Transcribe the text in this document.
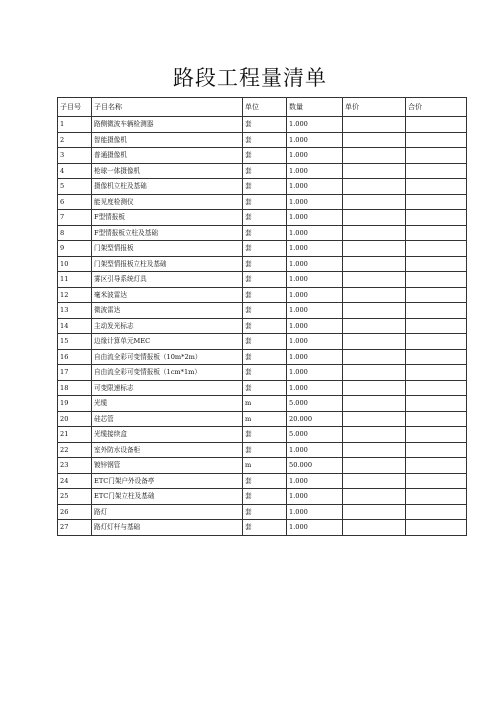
路段工程量清单
子目号	子目名称	单位	数量	单价	合价
1	路侧微波车辆检测器	套	1.000		
2	智能摄像机	套	1.000		
3	普通摄像机	套	1.000		
4	枪球一体摄像机	套	1.000		
5	摄像机立柱及基础	套	1.000		
6	能见度检测仪	套	1.000		
7	F型情报板	套	1.000		
8	F型情报板立柱及基础	套	1.000		
9	门架型情报板	套	1.000		
10	门架型情报板立柱及基础	套	1.000		
11	雾区引导系统灯具	套	1.000		
12	毫米波雷达	套	1.000		
13	微波雷达	套	1.000		
14	主动发光标志	套	1.000		
15	边缘计算单元MEC	套	1.000		
16	自由流全彩可变情报板（10m*2m）	套	1.000		
17	自由流全彩可变情报板（1cm*1m）	套	1.000		
18	可变限速标志	套	1.000		
19	光缆	m	5.000		
20	硅芯管	m	20.000		
21	光缆接续盒	套	5.000		
22	室外防水设备柜	套	1.000		
23	镀锌钢管	m	50.000		
24	ETC门架户外设备亭	套	1.000		
25	ETC门架立柱及基础	套	1.000		
26	路灯	套	1.000		
27	路灯灯杆与基础	套	1.000		
